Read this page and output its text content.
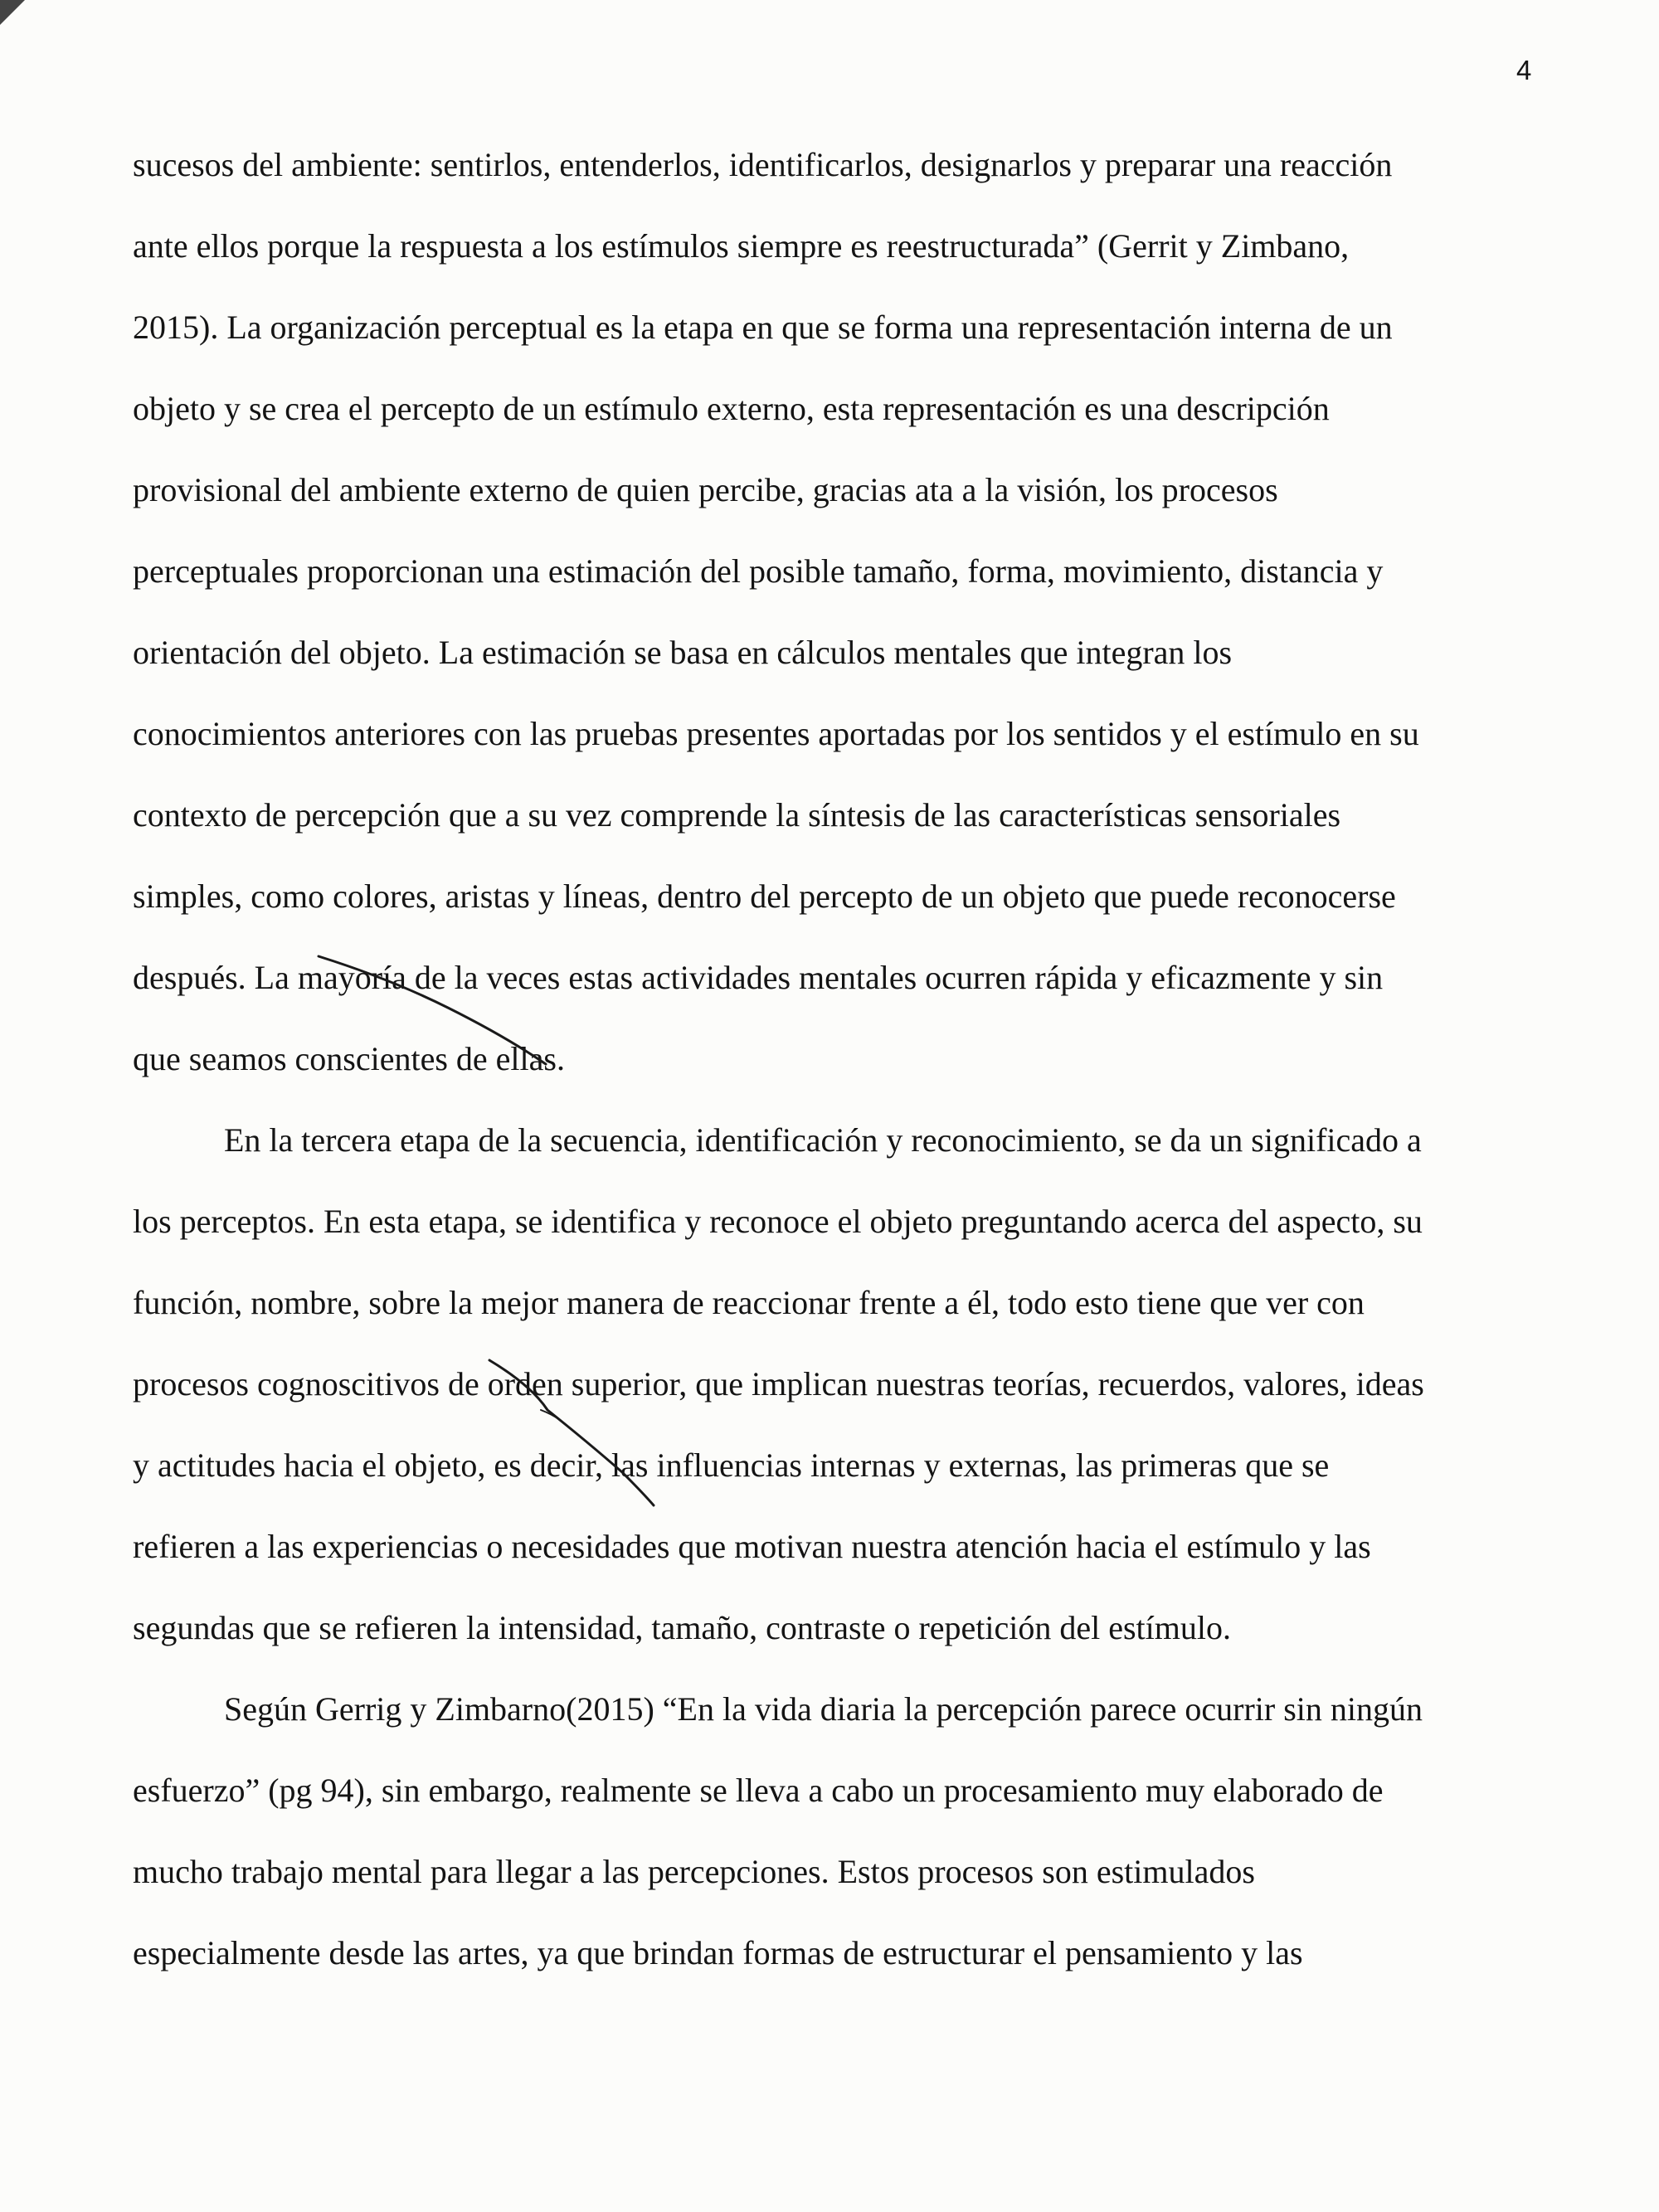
4
sucesos del ambiente: sentirlos, entenderlos, identificarlos, designarlos y preparar una reacción
ante ellos porque la respuesta a los estímulos siempre es reestructurada” (Gerrit y Zimbano,
2015). La organización perceptual es la etapa en que se forma una representación interna de un
objeto y se crea el percepto de un estímulo externo, esta representación es una descripción
provisional del ambiente externo de quien percibe, gracias ata a la visión, los procesos
perceptuales proporcionan una estimación del posible tamaño, forma, movimiento, distancia y
orientación del objeto. La estimación se basa en cálculos mentales que integran los
conocimientos anteriores con las pruebas presentes aportadas por los sentidos y el estímulo en su
contexto de percepción que a su vez comprende la síntesis de las características sensoriales
simples, como colores, aristas y líneas, dentro del percepto de un objeto que puede reconocerse
después. La mayoría de la veces estas actividades mentales ocurren rápida y eficazmente y sin
que seamos conscientes de ellas.
En la tercera etapa de la secuencia, identificación y reconocimiento, se da un significado a
los perceptos. En esta etapa, se identifica y reconoce el objeto preguntando acerca del aspecto, su
función, nombre, sobre la mejor manera de reaccionar frente a él, todo esto tiene que ver con
procesos cognoscitivos de orden superior, que implican nuestras teorías, recuerdos, valores, ideas
y actitudes hacia el objeto, es decir, las influencias internas y externas, las primeras que se
refieren a las experiencias o necesidades que motivan nuestra atención hacia el estímulo y las
segundas que se refieren la intensidad, tamaño, contraste o repetición del estímulo.
Según Gerrig y Zimbarno(2015) “En la vida diaria la percepción parece ocurrir sin ningún
esfuerzo” (pg 94), sin embargo, realmente se lleva a cabo un procesamiento muy elaborado de
mucho trabajo mental para llegar a las percepciones. Estos procesos son estimulados
especialmente desde las artes, ya que brindan formas de estructurar el pensamiento y las
